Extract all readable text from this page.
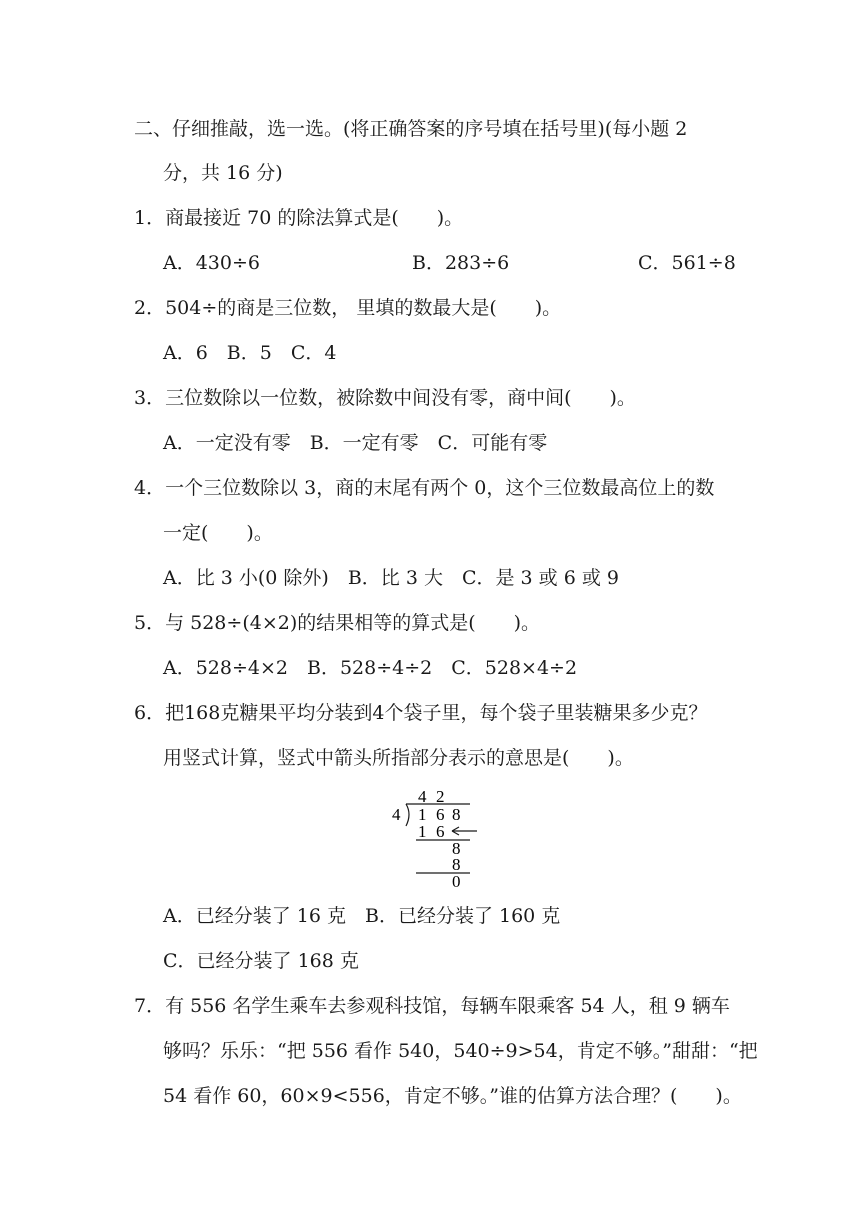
二、仔细推敲，选一选。(将正确答案的序号填在括号里)(每小题 2
分，共 16 分)
1．商最接近 70 的除法算式是(　　)。
A．430÷6	B．283÷6	C．561÷8
2．504÷的商是三位数， 里填的数最大是(　　)。
A．6　B．5　C．4
3．三位数除以一位数，被除数中间没有零，商中间(　　)。
A．一定没有零　B．一定有零　C．可能有零
4．一个三位数除以 3，商的末尾有两个 0，这个三位数最高位上的数
一定(　　)。
A．比 3 小(0 除外)　B．比 3 大　C．是 3 或 6 或 9
5．与 528÷(4×2)的结果相等的算式是(　　)。
A．528÷4×2　B．528÷4÷2　C．528×4÷2
6．把168克糖果平均分装到4个袋子里，每个袋子里装糖果多少克？
用竖式计算，竖式中箭头所指部分表示的意思是(　　)。
4 2
4 1 6 8
1 6
8
8
0
A．已经分装了 16 克　B．已经分装了 160 克
C．已经分装了 168 克
7．有 556 名学生乘车去参观科技馆，每辆车限乘客 54 人，租 9 辆车
够吗？乐乐：“把 556 看作 540，540÷9>54，肯定不够。”甜甜：“把
54 看作 60，60×9<556，肯定不够。”谁的估算方法合理？(　　)。
